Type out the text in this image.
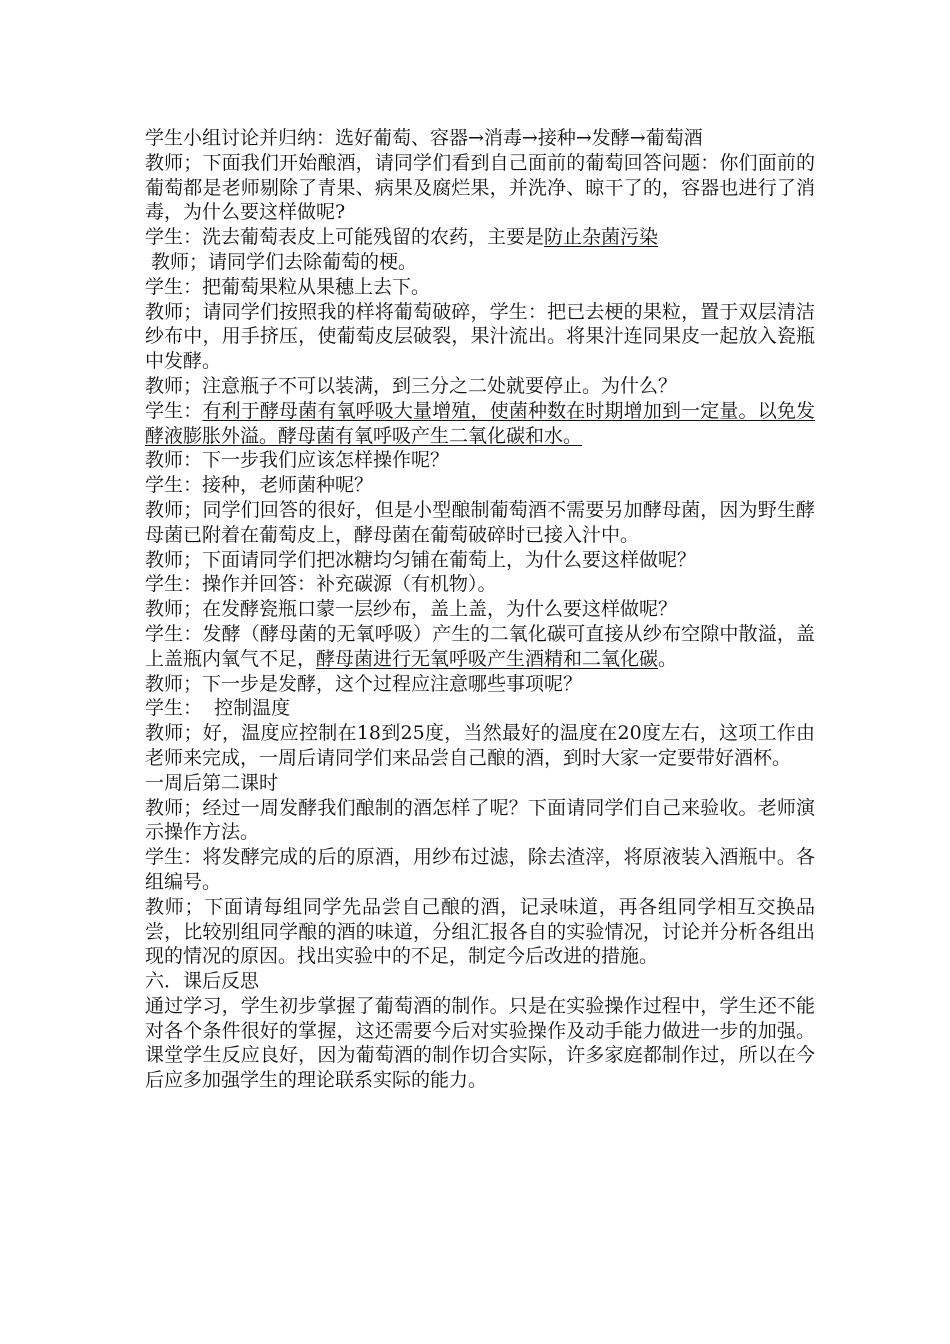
学生小组讨论并归纳：选好葡萄、容器→消毒→接种→发酵→葡萄酒

教师；下面我们开始酿酒，请同学们看到自己面前的葡萄回答问题：你们面前的葡萄都是老师剔除了青果、病果及腐烂果，并洗净、晾干了的，容器也进行了消毒，为什么要这样做呢?

学生：洗去葡萄表皮上可能残留的农药，主要是防止杂菌污染

教师；请同学们去除葡萄的梗。

学生：把葡萄果粒从果穗上去下。

教师；请同学们按照我的样将葡萄破碎，学生：把已去梗的果粒，置于双层清洁纱布中，用手挤压，使葡萄皮层破裂，果汁流出。将果汁连同果皮一起放入瓷瓶中发酵。

教师；注意瓶子不可以装满，到三分之二处就要停止。为什么？

学生：有利于酵母菌有氧呼吸大量增殖，使菌种数在时期增加到一定量。以免发酵液膨胀外溢。酵母菌有氧呼吸产生二氧化碳和水。

教师：下一步我们应该怎样操作呢？

学生：接种，老师菌种呢？

教师；同学们回答的很好，但是小型酿制葡萄酒不需要另加酵母菌，因为野生酵母菌已附着在葡萄皮上，酵母菌在葡萄破碎时已接入汁中。

教师；下面请同学们把冰糖均匀铺在葡萄上，为什么要这样做呢？

学生：操作并回答：补充碳源（有机物）。

教师；在发酵瓷瓶口蒙一层纱布，盖上盖，为什么要这样做呢？

学生：发酵（酵母菌的无氧呼吸）产生的二氧化碳可直接从纱布空隙中散溢，盖上盖瓶内氧气不足，酵母菌进行无氧呼吸产生酒精和二氧化碳。

教师；下一步是发酵，这个过程应注意哪些事项呢？

学生：  控制温度

教师；好，温度应控制在18到25度，当然最好的温度在20度左右，这项工作由老师来完成，一周后请同学们来品尝自己酿的酒，到时大家一定要带好酒杯。

一周后第二课时

教师；经过一周发酵我们酿制的酒怎样了呢？下面请同学们自己来验收。老师演示操作方法。

学生：将发酵完成的后的原酒，用纱布过滤，除去渣滓，将原液装入酒瓶中。各组编号。

教师；下面请每组同学先品尝自己酿的酒，记录味道，再各组同学相互交换品尝，比较别组同学酿的酒的味道，分组汇报各自的实验情况，讨论并分析各组出现的情况的原因。找出实验中的不足，制定今后改进的措施。

六．课后反思

通过学习，学生初步掌握了葡萄酒的制作。只是在实验操作过程中，学生还不能对各个条件很好的掌握，这还需要今后对实验操作及动手能力做进一步的加强。课堂学生反应良好，因为葡萄酒的制作切合实际，许多家庭都制作过，所以在今后应多加强学生的理论联系实际的能力。
